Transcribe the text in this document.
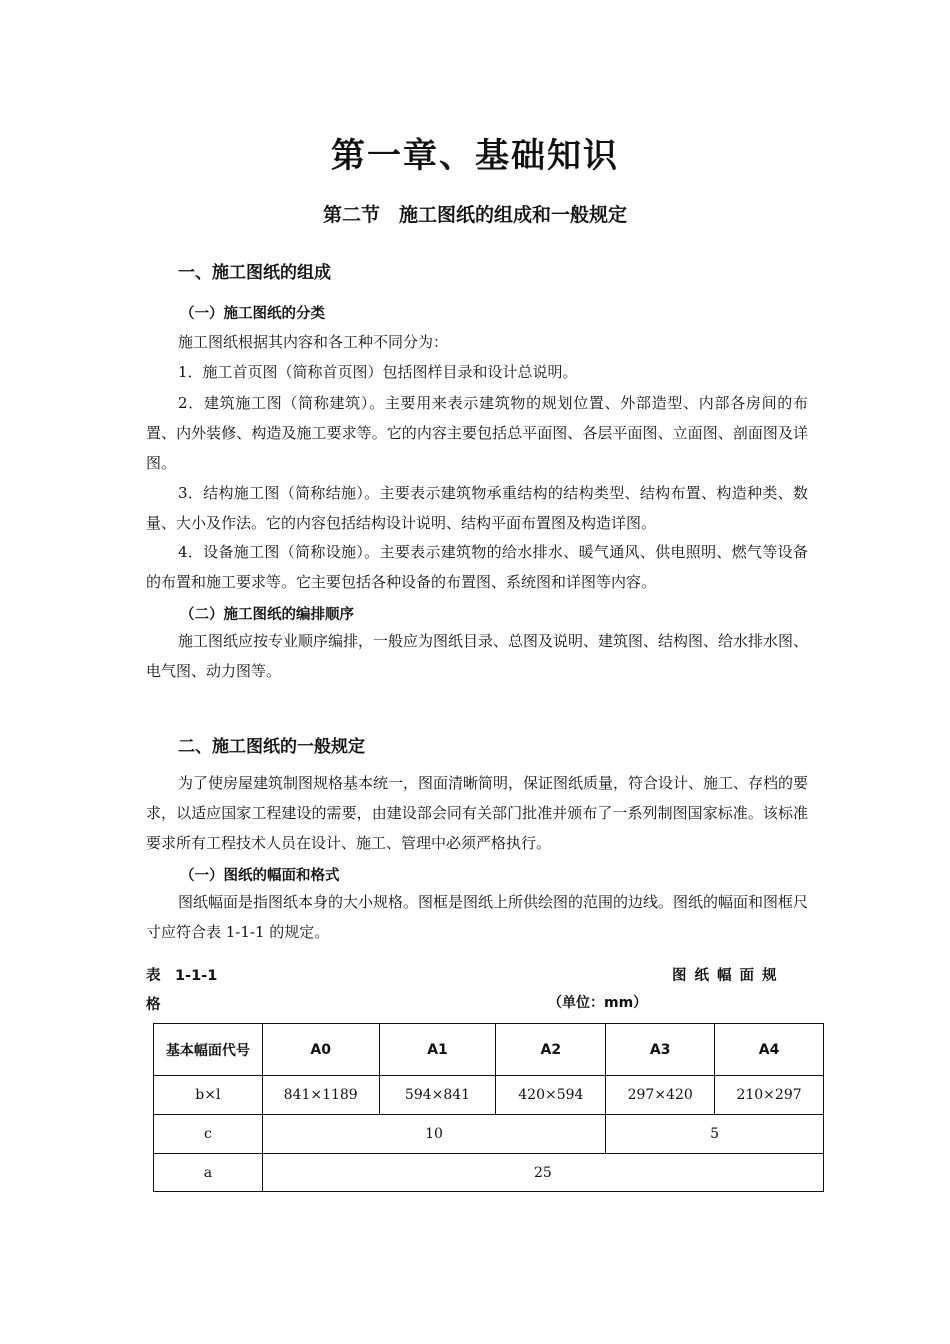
第一章、基础知识
第二节　施工图纸的组成和一般规定
一、施工图纸的组成
（一）施工图纸的分类

施工图纸根据其内容和各工种不同分为：

1．施工首页图（简称首页图）包括图样目录和设计总说明。

2．建筑施工图（简称建筑）。主要用来表示建筑物的规划位置、外部造型、内部各房间的布置、内外装修、构造及施工要求等。它的内容主要包括总平面图、各层平面图、立面图、剖面图及详图。

3．结构施工图（简称结施）。主要表示建筑物承重结构的结构类型、结构布置、构造种类、数量、大小及作法。它的内容包括结构设计说明、结构平面布置图及构造详图。

4．设备施工图（简称设施）。主要表示建筑物的给水排水、暖气通风、供电照明、燃气等设备的布置和施工要求等。它主要包括各种设备的布置图、系统图和详图等内容。

（二）施工图纸的编排顺序

施工图纸应按专业顺序编排，一般应为图纸目录、总图及说明、建筑图、结构图、给水排水图、电气图、动力图等。

二、施工图纸的一般规定

为了使房屋建筑制图规格基本统一，图面清晰简明，保证图纸质量，符合设计、施工、存档的要求，以适应国家工程建设的需要，由建设部会同有关部门批准并颁布了一系列制图国家标准。该标准要求所有工程技术人员在设计、施工、管理中必须严格执行。

（一）图纸的幅面和格式

图纸幅面是指图纸本身的大小规格。图框是图纸上所供绘图的范围的边线。图纸的幅面和图框尺寸应符合表 1-1-1 的规定。

表　1-1-1	图纸幅面规
格	（单位：mm）
基本幅面代号	A0	A1	A2	A3	A4
b×l	841×1189	594×841	420×594	297×420	210×297
c	10			5	
a	25				
